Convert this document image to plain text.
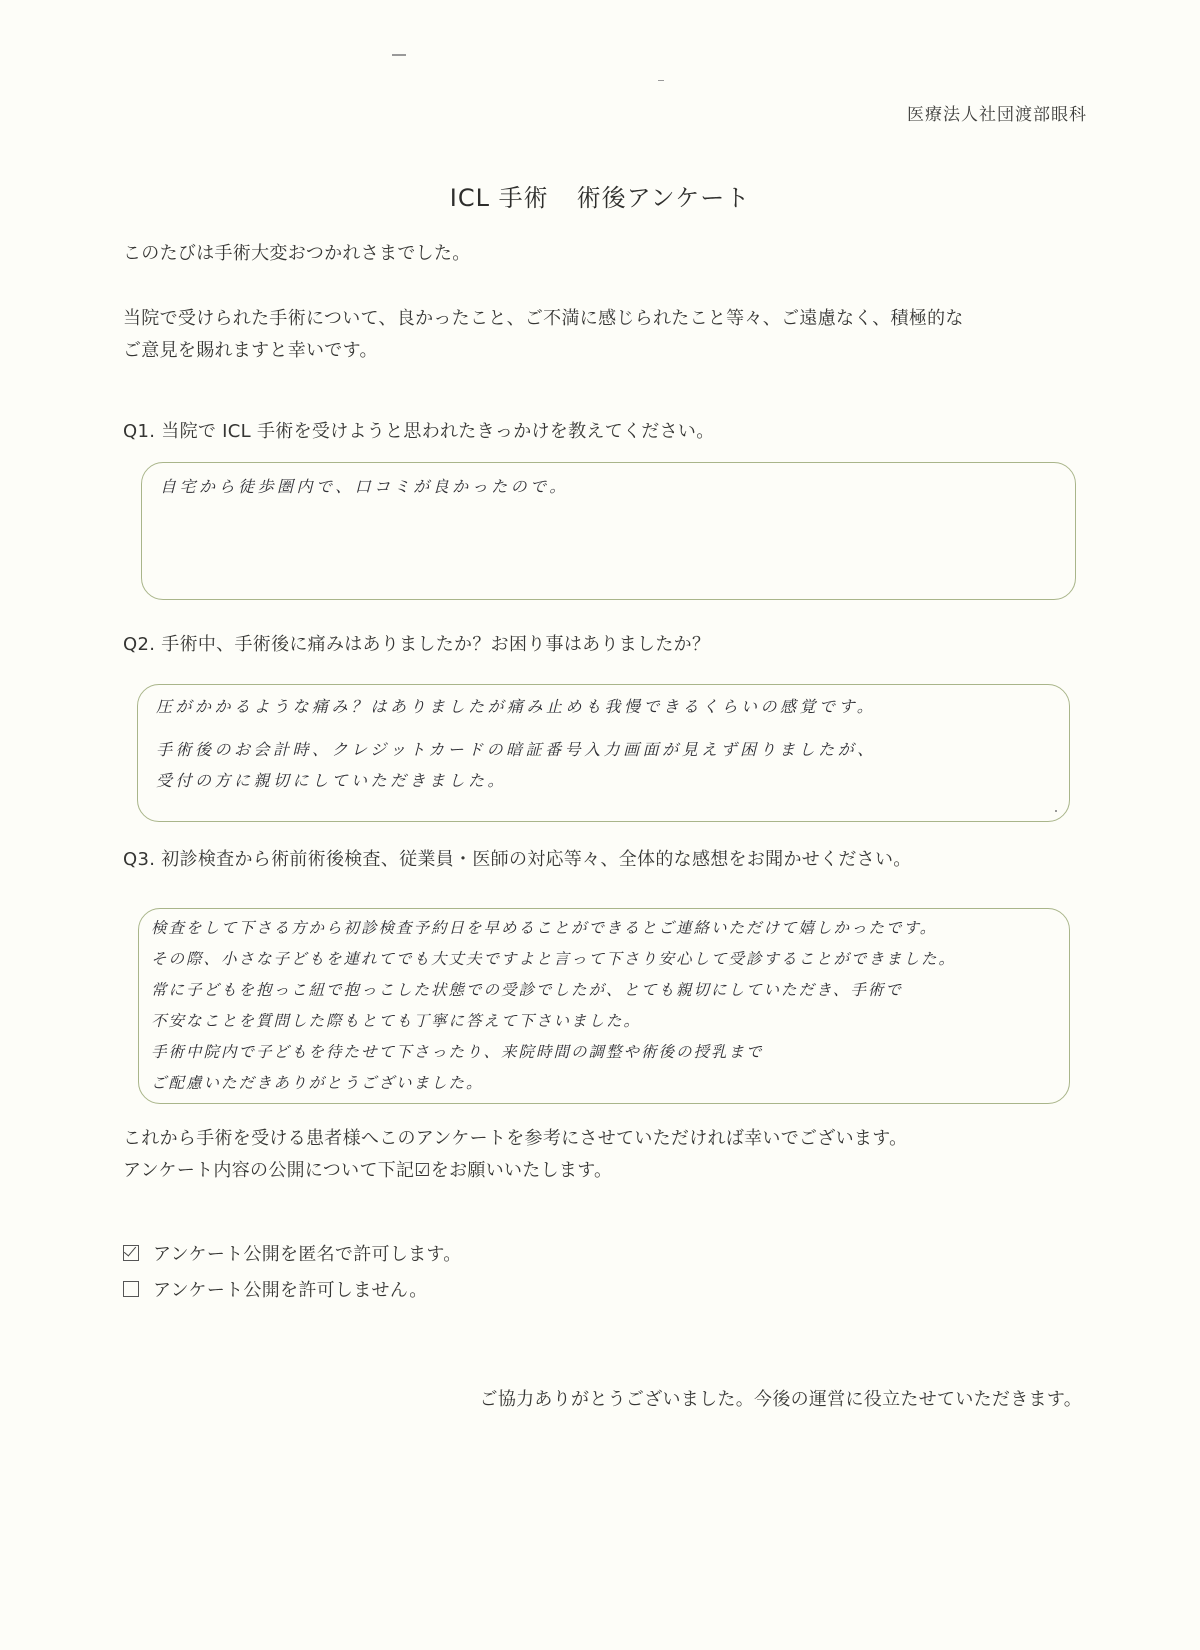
医療法人社団渡部眼科
ICL 手術 術後アンケート
このたびは手術大変おつかれさまでした。
当院で受けられた手術について、良かったこと、ご不満に感じられたこと等々、ご遠慮なく、積極的な
ご意見を賜れますと幸いです。
Q1. 当院で ICL 手術を受けようと思われたきっかけを教えてください。
自宅から徒歩圏内で、口コミが良かったので。
Q2. 手術中、手術後に痛みはありましたか？お困り事はありましたか？
圧がかかるような痛み？はありましたが痛み止めも我慢できるくらいの感覚です。
手術後のお会計時、クレジットカードの暗証番号入力画面が見えず困りましたが、
受付の方に親切にしていただきました。
Q3. 初診検査から術前術後検査、従業員・医師の対応等々、全体的な感想をお聞かせください。
検査をして下さる方から初診検査予約日を早めることができるとご連絡いただけて嬉しかったです。
その際、小さな子どもを連れてでも大丈夫ですよと言って下さり安心して受診することができました。
常に子どもを抱っこ紐で抱っこした状態での受診でしたが、とても親切にしていただき、手術で
不安なことを質問した際もとても丁寧に答えて下さいました。
手術中院内で子どもを待たせて下さったり、来院時間の調整や術後の授乳まで
ご配慮いただきありがとうございました。
これから手術を受ける患者様へこのアンケートを参考にさせていただければ幸いでございます。
アンケート内容の公開について下記☑をお願いいたします。
アンケート公開を匿名で許可します。
アンケート公開を許可しません。
ご協力ありがとうございました。今後の運営に役立たせていただきます。
